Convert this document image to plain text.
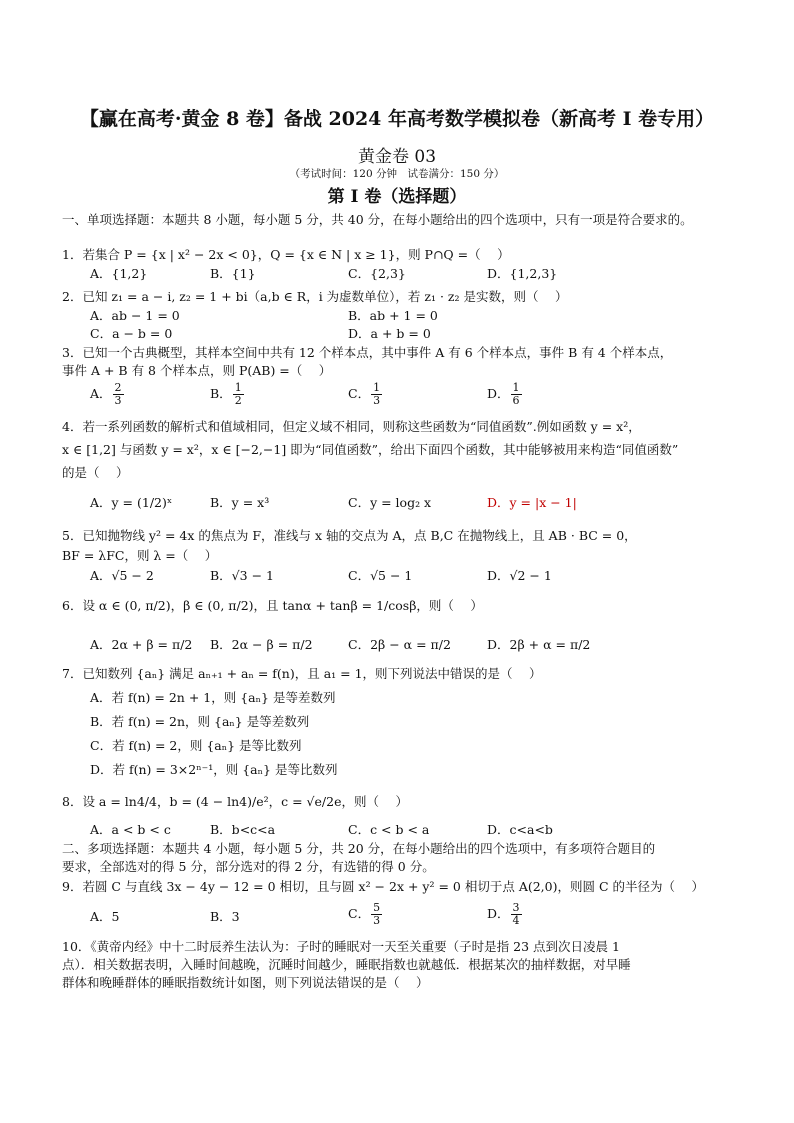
【赢在高考·黄金 8 卷】备战 2024 年高考数学模拟卷（新高考 I 卷专用）
黄金卷 03
（考试时间：120 分钟　试卷满分：150 分）
第 I 卷（选择题）
一、单项选择题：本题共 8 小题，每小题 5 分，共 40 分，在每小题给出的四个选项中，只有一项是符合要求的。
1．若集合 P = {x | x² − 2x < 0}，Q = {x ∈ N | x ≥ 1}，则 P∩Q =（　 ）
A．{1,2}	B．{1}	C．{2,3}	D．{1,2,3}
2．已知 z₁ = a − i, z₂ = 1 + bi（a,b ∈ R，i 为虚数单位），若 z₁ · z₂ 是实数，则（　 ）
A．ab − 1 = 0	B．ab + 1 = 0
C．a − b = 0	D．a + b = 0
3．已知一个古典概型，其样本空间中共有 12 个样本点，其中事件 A 有 6 个样本点，事件 B 有 4 个样本点，
事件 A + B 有 8 个样本点，则 P(AB) =（　 ）
A． $\frac{2}{3}$	B． $\frac{1}{2}$	C． $\frac{1}{3}$	D． $\frac{1}{6}$
4．若一系列函数的解析式和值域相同，但定义域不相同，则称这些函数为“同值函数”.例如函数 y = x²，
x ∈ [1,2] 与函数 y = x²，x ∈ [−2,−1] 即为“同值函数”，给出下面四个函数，其中能够被用来构造“同值函数”
的是（　 ）
A．y = (1/2)ˣ	B．y = x³	C．y = log₂ x	D．y = |x − 1|
5．已知抛物线 y² = 4x 的焦点为 F，准线与 x 轴的交点为 A，点 B,C 在抛物线上，且 AB · BC = 0，
BF = λFC，则 λ =（　 ）
A．√5 − 2	B．√3 − 1	C．√5 − 1	D．√2 − 1
6．设 α ∈ (0, π/2)，β ∈ (0, π/2)，且 tanα + tanβ = 1/cosβ，则（　 ）
A．2α + β = π/2 B．2α − β = π/2	C．2β − α = π/2	D．2β + α = π/2
7．已知数列 {aₙ} 满足 aₙ₊₁ + aₙ = f(n)，且 a₁ = 1，则下列说法中错误的是（　 ）
A．若 f(n) = 2n + 1，则 {aₙ} 是等差数列
B．若 f(n) = 2n，则 {aₙ} 是等差数列
C．若 f(n) = 2，则 {aₙ} 是等比数列
D．若 f(n) = 3×2ⁿ⁻¹，则 {aₙ} 是等比数列
8．设 a = ln4/4，b = (4 − ln4)/e²，c = √e/2e，则（　 ）
A．a < b < c	B．b<c<a	C．c < b < a	D．c<a<b
二、多项选择题：本题共 4 小题，每小题 5 分，共 20 分，在每小题给出的四个选项中，有多项符合题目的
要求，全部选对的得 5 分，部分选对的得 2 分，有选错的得 0 分。
9．若圆 C 与直线 3x − 4y − 12 = 0 相切，且与圆 x² − 2x + y² = 0 相切于点 A(2,0)，则圆 C 的半径为（　 ）
A．5	B．3	C． $\frac{5}{3}$	D． $\frac{3}{4}$
10．《黄帝内经》中十二时辰养生法认为：子时的睡眠对一天至关重要（子时是指 23 点到次日凌晨 1
点）．相关数据表明，入睡时间越晚，沉睡时间越少，睡眠指数也就越低．根据某次的抽样数据，对早睡
群体和晚睡群体的睡眠指数统计如图，则下列说法错误的是（　 ）
